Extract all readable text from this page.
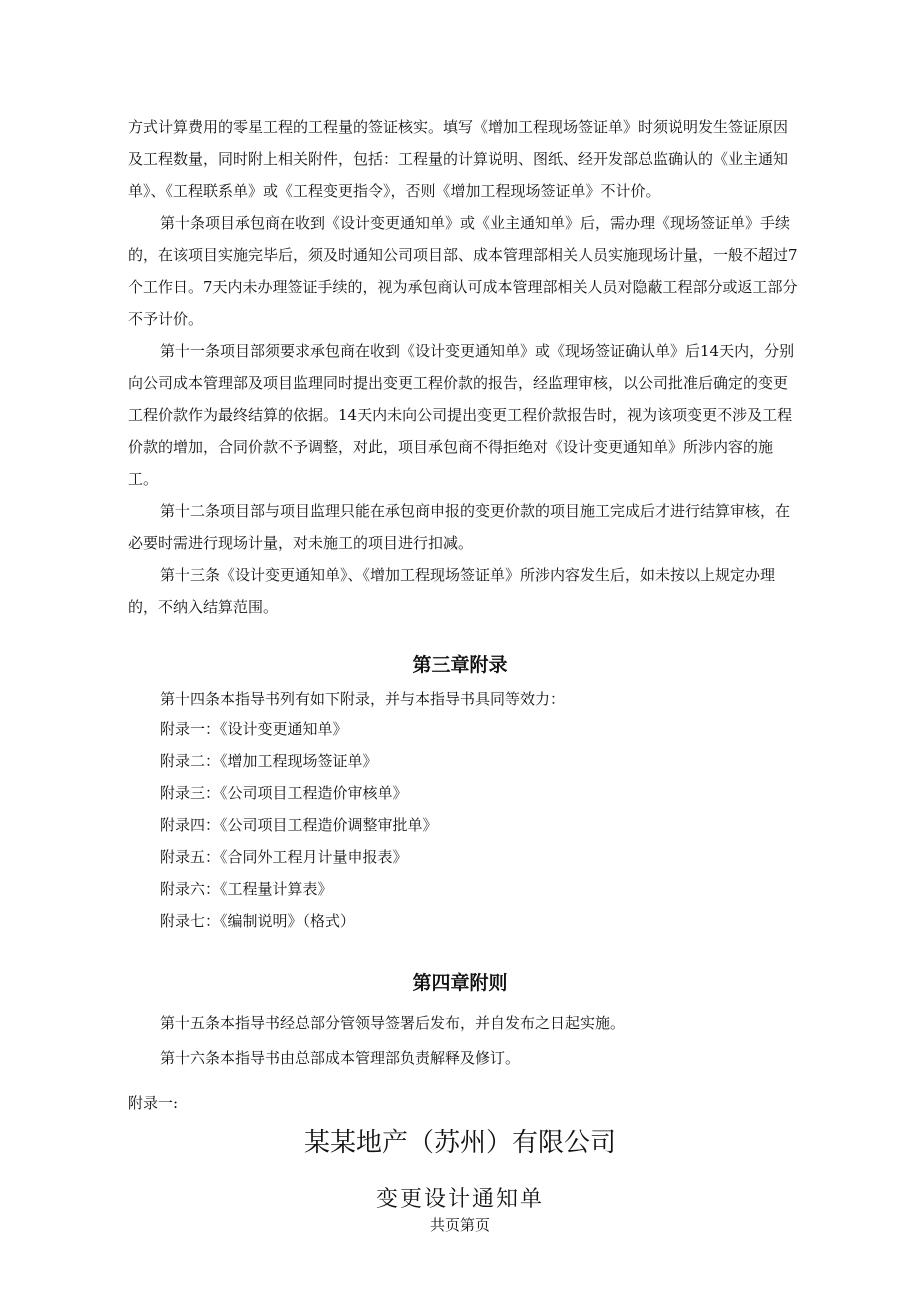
方式计算费用的零星工程的工程量的签证核实。填写《增加工程现场签证单》时须说明发生签证原因及工程数量，同时附上相关附件，包括：工程量的计算说明、图纸、经开发部总监确认的《业主通知单》、《工程联系单》或《工程变更指令》，否则《增加工程现场签证单》不计价。

第十条项目承包商在收到《设计变更通知单》或《业主通知单》后，需办理《现场签证单》手续的，在该项目实施完毕后，须及时通知公司项目部、成本管理部相关人员实施现场计量，一般不超过7个工作日。7天内未办理签证手续的，视为承包商认可成本管理部相关人员对隐蔽工程部分或返工部分不予计价。

第十一条项目部须要求承包商在收到《设计变更通知单》或《现场签证确认单》后14天内，分别向公司成本管理部及项目监理同时提出变更工程价款的报告，经监理审核，以公司批准后确定的变更工程价款作为最终结算的依据。14天内未向公司提出变更工程价款报告时，视为该项变更不涉及工程价款的增加，合同价款不予调整，对此，项目承包商不得拒绝对《设计变更通知单》所涉内容的施工。

第十二条项目部与项目监理只能在承包商申报的变更价款的项目施工完成后才进行结算审核，在必要时需进行现场计量，对未施工的项目进行扣减。

第十三条《设计变更通知单》、《增加工程现场签证单》所涉内容发生后，如未按以上规定办理的，不纳入结算范围。

第三章附录

第十四条本指导书列有如下附录，并与本指导书具同等效力：

附录一：《设计变更通知单》
附录二：《增加工程现场签证单》
附录三：《公司项目工程造价审核单》
附录四：《公司项目工程造价调整审批单》
附录五：《合同外工程月计量申报表》
附录六：《工程量计算表》
附录七：《编制说明》（格式）
第四章附则

第十五条本指导书经总部分管领导签署后发布，并自发布之日起实施。

第十六条本指导书由总部成本管理部负责解释及修订。

附录一:

某某地产（苏州）有限公司
变更设计通知单

共页第页
